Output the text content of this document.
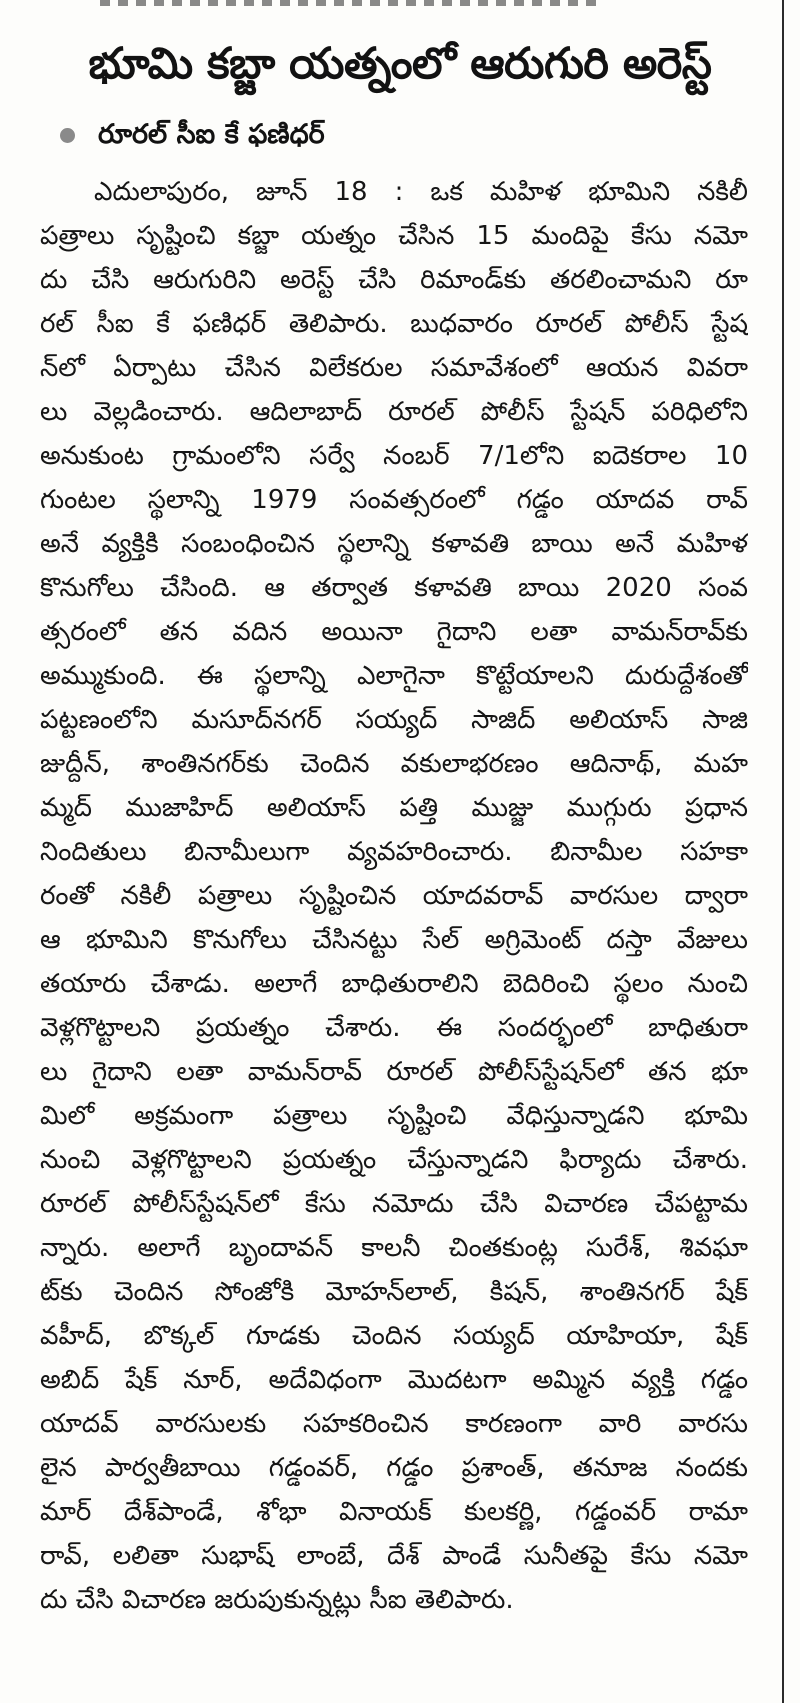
భూమి కబ్జా యత్నంలో ఆరుగురి అరెస్ట్

రూరల్ సీఐ కే ఫణిధర్

ఎదులాపురం, జూన్ 18 : ఒక మహిళ భూమిని నకిలీ
పత్రాలు సృష్టించి కబ్జా యత్నం చేసిన 15 మందిపై కేసు నమో
దు చేసి ఆరుగురిని అరెస్ట్ చేసి రిమాండ్‌కు తరలించామని రూ
రల్ సీఐ కే ఫణిధర్ తెలిపారు. బుధవారం రూరల్ పోలీస్ స్టేష
న్‌లో ఏర్పాటు చేసిన విలేకరుల సమావేశంలో ఆయన వివరా
లు వెల్లడించారు. ఆదిలాబాద్ రూరల్ పోలీస్ స్టేషన్ పరిధిలోని
అనుకుంట గ్రామంలోని సర్వే నంబర్ 7/1లోని ఐదెకరాల 10
గుంటల స్థలాన్ని 1979 సంవత్సరంలో గడ్డం యాదవ రావ్
అనే వ్యక్తికి సంబంధించిన స్థలాన్ని కళావతి బాయి అనే మహిళ
కొనుగోలు చేసింది. ఆ తర్వాత కళావతి బాయి 2020 సంవ
త్సరంలో తన వదిన అయినా గైదాని లతా వామన్‌రావ్‌కు
అమ్ముకుంది. ఈ స్థలాన్ని ఎలాగైనా కొట్టేయాలని దురుద్దేశంతో
పట్టణంలోని మసూద్‌నగర్ సయ్యద్ సాజిద్ అలియాస్ సాజి
జుద్దీన్, శాంతినగర్‌కు చెందిన వకులాభరణం ఆదినాథ్, మహ
మ్మద్ ముజాహిద్ అలియాస్ పత్తి ముజ్జు ముగ్గురు ప్రధాన
నిందితులు బినామీలుగా వ్యవహరించారు. బినామీల సహకా
రంతో నకిలీ పత్రాలు సృష్టించిన యాదవరావ్ వారసుల ద్వారా
ఆ భూమిని కొనుగోలు చేసినట్టు సేల్ అగ్రిమెంట్ దస్తా వేజులు
తయారు చేశాడు. అలాగే బాధితురాలిని బెదిరించి స్థలం నుంచి
వెళ్లగొట్టాలని ప్రయత్నం చేశారు. ఈ సందర్భంలో బాధితురా
లు గైదాని లతా వామన్‌రావ్ రూరల్ పోలీస్‌స్టేషన్‌లో తన భూ
మిలో అక్రమంగా పత్రాలు సృష్టించి వేధిస్తున్నాడని భూమి
నుంచి వెళ్లగొట్టాలని ప్రయత్నం చేస్తున్నాడని ఫిర్యాదు చేశారు.
రూరల్ పోలీస్‌స్టేషన్‌లో కేసు నమోదు చేసి విచారణ చేపట్టామ
న్నారు. అలాగే బృందావన్ కాలనీ చింతకుంట్ల సురేశ్, శివఘా
ట్‌కు చెందిన సోంజోకి మోహన్‌లాల్, కిషన్, శాంతినగర్ షేక్
వహీద్, బొక్కల్ గూడకు చెందిన సయ్యద్ యాహియా, షేక్
అబిద్ షేక్ నూర్, అదేవిధంగా మొదటగా అమ్మిన వ్యక్తి గడ్డం
యాదవ్ వారసులకు సహకరించిన కారణంగా వారి వారసు
లైన పార్వతీబాయి గడ్డంవర్, గడ్డం ప్రశాంత్, తనూజ నందకు
మార్ దేశ్‌పాండే, శోభా వినాయక్ కులకర్ణి, గడ్డంవర్ రామా
రావ్, లలితా సుభాష్ లాంబే, దేశ్ పాండే సునీతపై కేసు నమో
దు చేసి విచారణ జరుపుకున్నట్లు సీఐ తెలిపారు.
